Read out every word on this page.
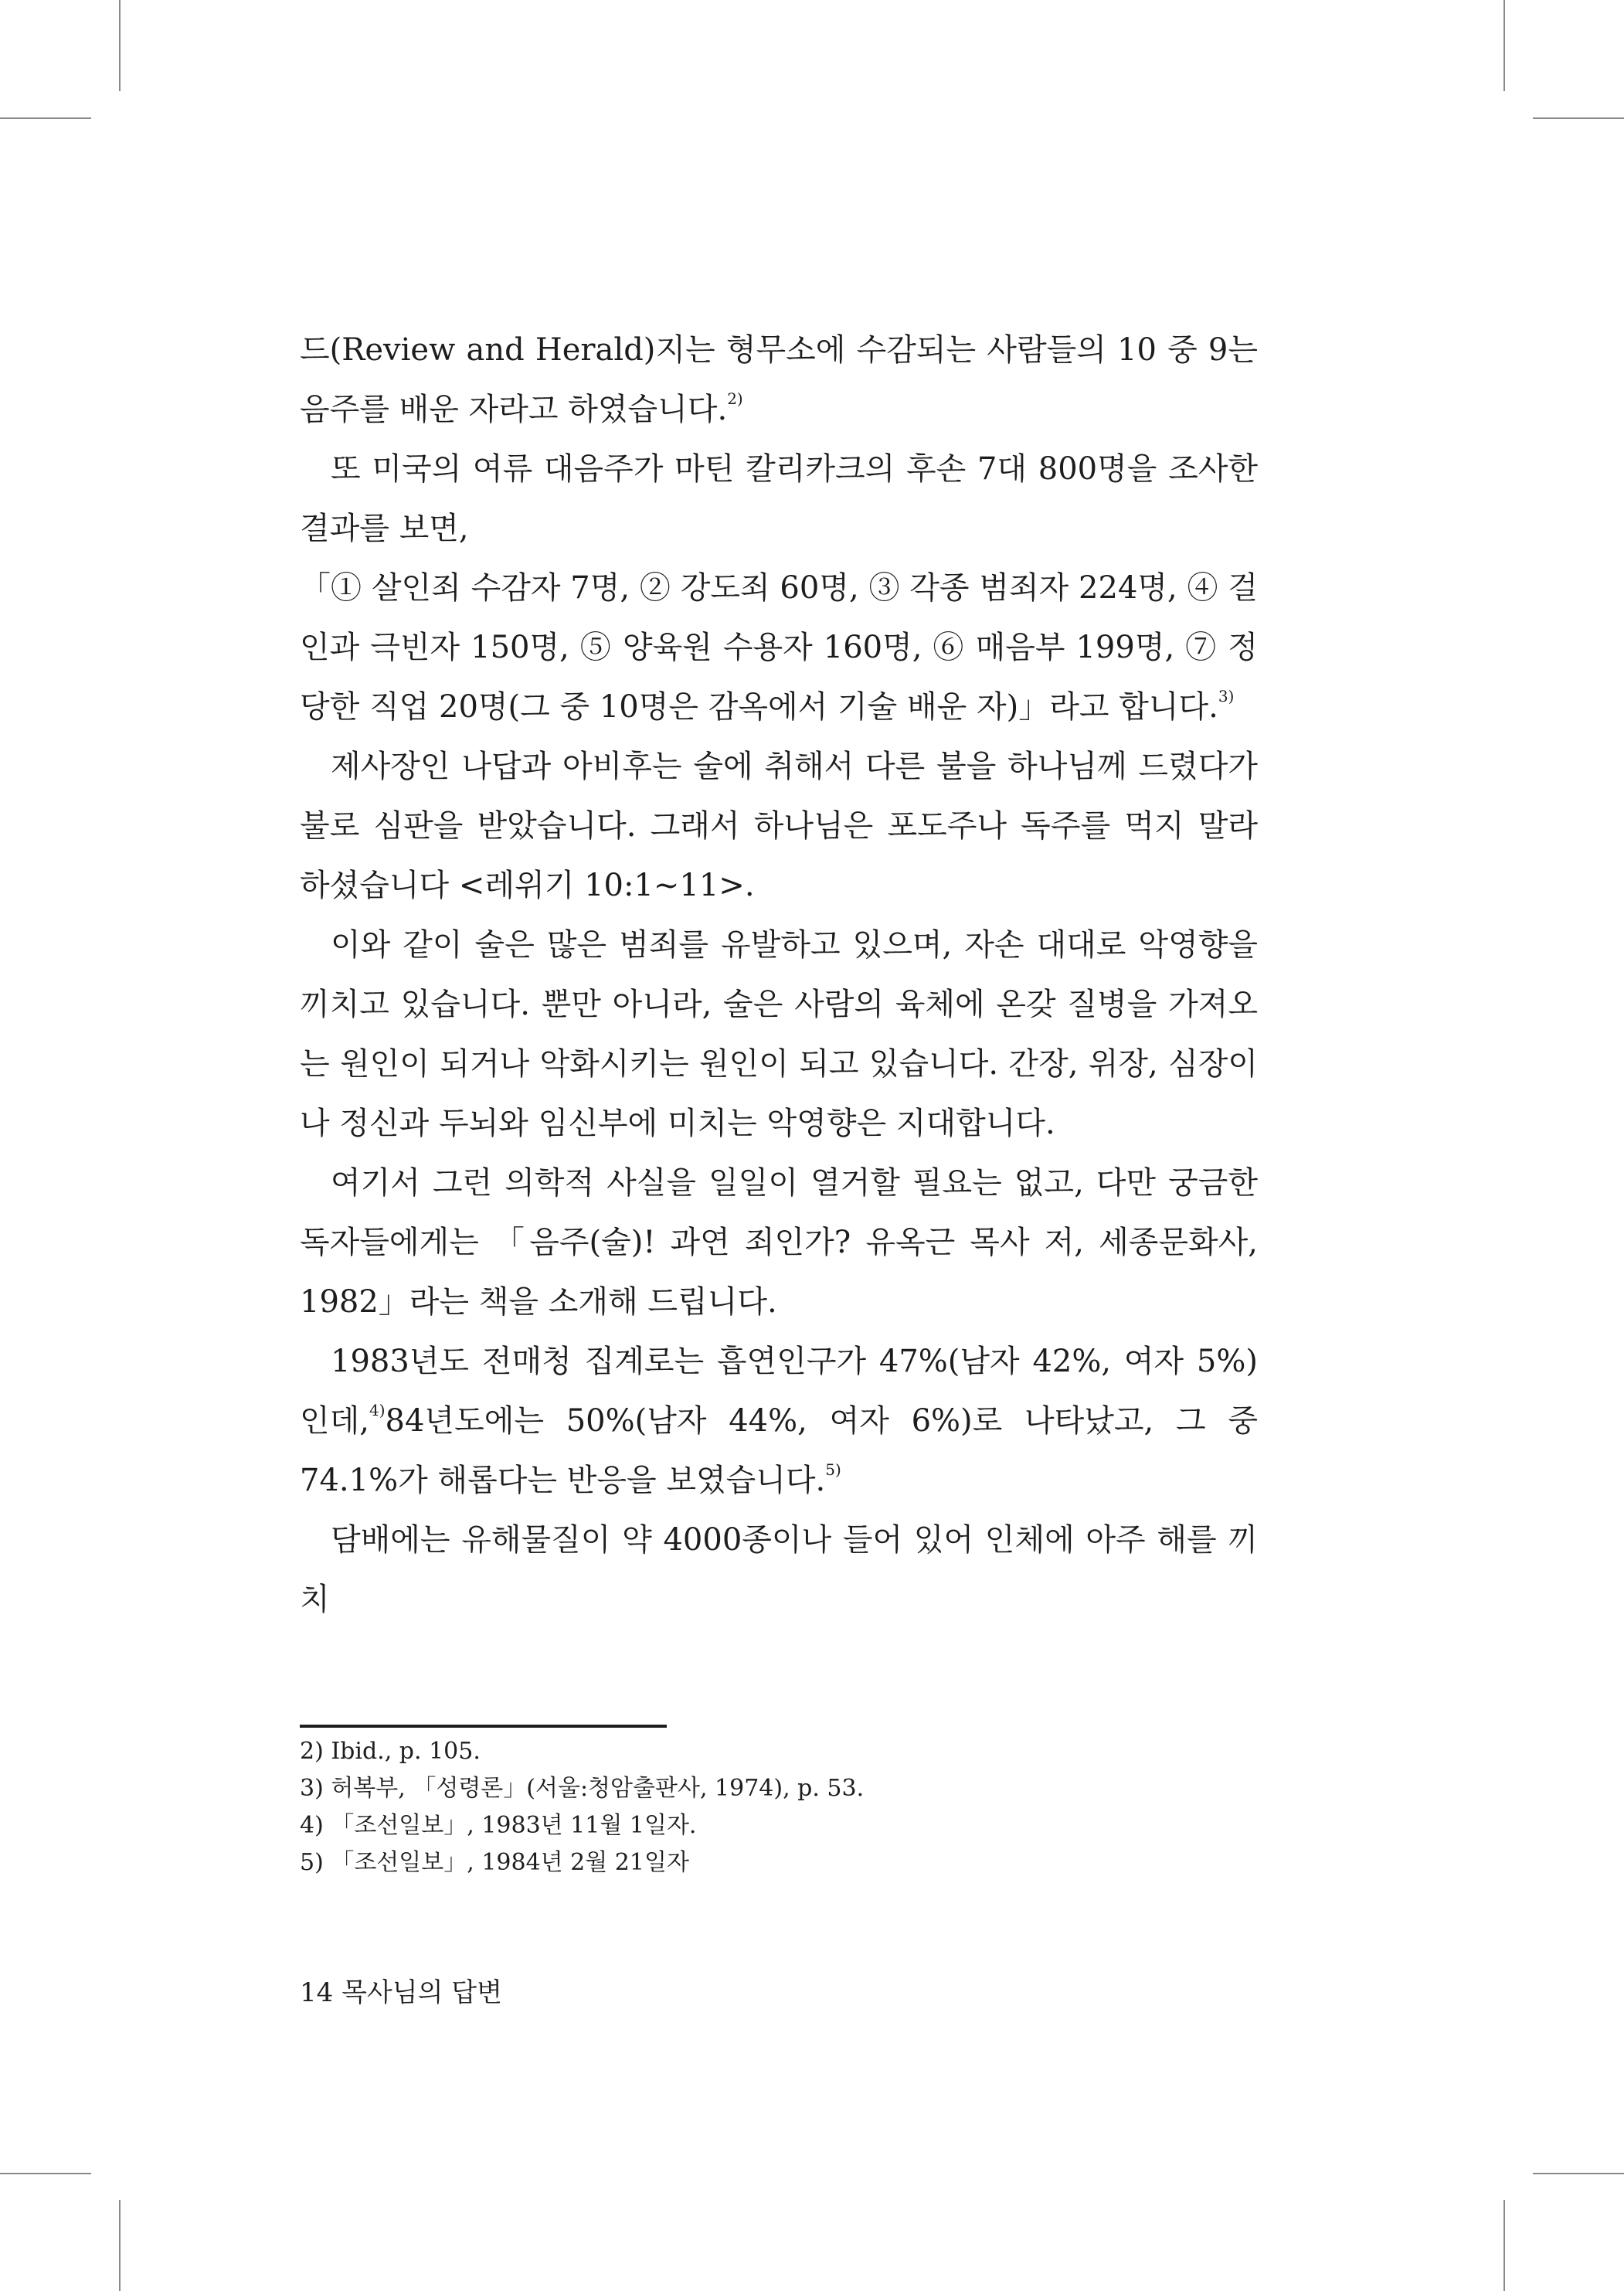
드(Review and Herald)지는 형무소에 수감되는 사람들의 10 중 9는 음주를 배운 자라고 하였습니다.$^{2)}$

또 미국의 여류 대음주가 마틴 칼리카크의 후손 7대 800명을 조사한 결과를 보면,

「① 살인죄 수감자 7명, ② 강도죄 60명, ③ 각종 범죄자 224명, ④ 걸인과 극빈자 150명, ⑤ 양육원 수용자 160명, ⑥ 매음부 199명, ⑦ 정당한 직업 20명(그 중 10명은 감옥에서 기술 배운 자)」라고 합니다.$^{3)}$

제사장인 나답과 아비후는 술에 취해서 다른 불을 하나님께 드렸다가 불로 심판을 받았습니다. 그래서 하나님은 포도주나 독주를 먹지 말라 하셨습니다 <레위기 10:1~11>.

이와 같이 술은 많은 범죄를 유발하고 있으며, 자손 대대로 악영향을 끼치고 있습니다. 뿐만 아니라, 술은 사람의 육체에 온갖 질병을 가져오는 원인이 되거나 악화시키는 원인이 되고 있습니다. 간장, 위장, 심장이나 정신과 두뇌와 임신부에 미치는 악영향은 지대합니다.

여기서 그런 의학적 사실을 일일이 열거할 필요는 없고, 다만 궁금한 독자들에게는 「음주(술)! 과연 죄인가? 유옥근 목사 저, 세종문화사, 1982」라는 책을 소개해 드립니다.

1983년도 전매청 집계로는 흡연인구가 47%(남자 42%, 여자 5%)인데,$^{4)}$84년도에는 50%(남자 44%, 여자 6%)로 나타났고, 그 중 74.1%가 해롭다는 반응을 보였습니다.$^{5)}$

담배에는 유해물질이 약 4000종이나 들어 있어 인체에 아주 해를 끼치

2) Ibid., p. 105.
3) 허복부, 「성령론」(서울:청암출판사, 1974), p. 53.
4) 「조선일보」, 1983년 11월 1일자.
5) 「조선일보」, 1984년 2월 21일자
14 목사님의 답변
